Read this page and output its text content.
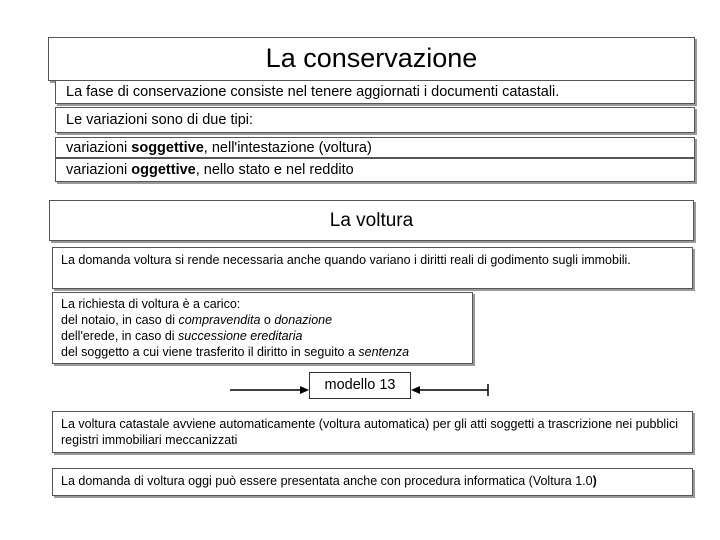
La conservazione
La fase di conservazione consiste nel tenere aggiornati i documenti catastali.
Le variazioni sono di due tipi:
variazioni soggettive, nell'intestazione (voltura)
variazioni oggettive, nello stato e nel reddito
La voltura
La domanda voltura si rende necessaria anche quando variano i diritti reali di godimento sugli immobili.
La richiesta di voltura è a carico:
del notaio, in caso di compravendita o donazione
dell'erede, in caso di successione ereditaria
del soggetto a cui viene trasferito il diritto in seguito a sentenza
modello 13
La voltura catastale avviene automaticamente (voltura automatica) per gli atti soggetti a trascrizione nei pubblici registri immobiliari meccanizzati
La domanda di voltura oggi può essere presentata anche con procedura informatica (Voltura 1.0)
